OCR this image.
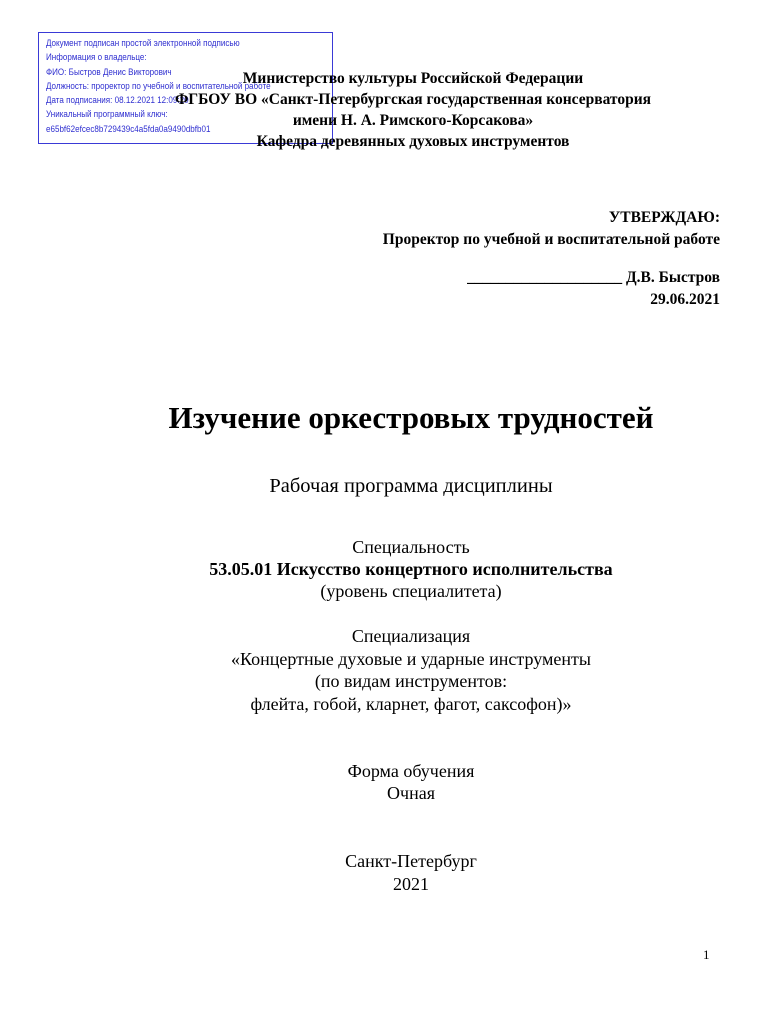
Документ подписан простой электронной подписью
Информация о владельце:
ФИО: Быстров Денис Викторович
Должность: проректор по учебной и воспитательной работе
Дата подписания: 08.12.2021 12:09:20
Уникальный программный ключ:
e65bf62efcec8b729439c4a5fda0a9490dbfb01
Министерство культуры Российской Федерации
ФГБОУ ВО «Санкт-Петербургская государственная консерватория
имени Н. А. Римского-Корсакова»
Кафедра деревянных духовых инструментов
УТВЕРЖДАЮ:
Проректор по учебной и воспитательной работе
____________________ Д.В. Быстров
29.06.2021
Изучение оркестровых трудностей
Рабочая программа дисциплины
Специальность
53.05.01 Искусство концертного исполнительства
(уровень специалитета)
Специализация
«Концертные духовые и ударные инструменты
(по видам инструментов:
флейта, гобой, кларнет, фагот, саксофон)»
Форма обучения
Очная
Санкт-Петербург
2021
1
